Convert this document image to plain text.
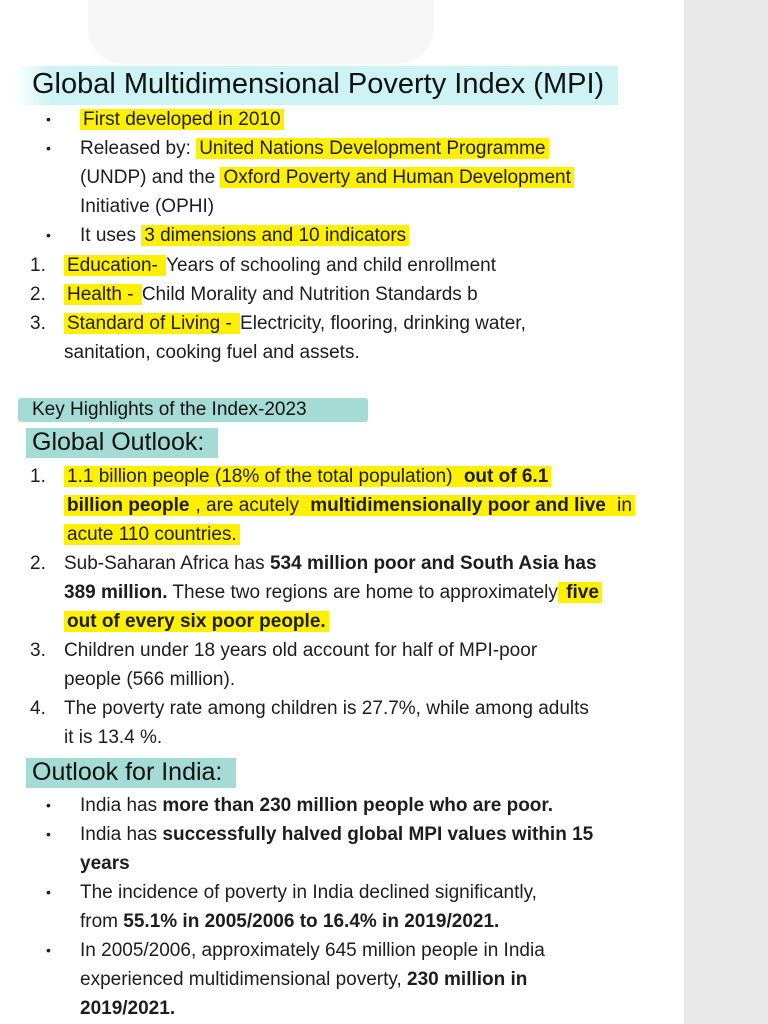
Global Multidimensional Poverty Index (MPI)
• First developed in 2010
• Released by: United Nations Development Programme
(UNDP) and the Oxford Poverty and Human Development
Initiative (OPHI)
• It uses 3 dimensions and 10 indicators
1. Education- Years of schooling and child enrollment
2. Health - Child Morality and Nutrition Standards b
3. Standard of Living - Electricity, flooring, drinking water,
sanitation, cooking fuel and assets.
Key Highlights of the Index-2023
Global Outlook:
1. 1.1 billion people (18% of the total population) out of 6.1
billion people , are acutely multidimensionally poor and live in
acute 110 countries.
2. Sub-Saharan Africa has 534 million poor and South Asia has
389 million. These two regions are home to approximately five
out of every six poor people.
3. Children under 18 years old account for half of MPI-poor
people (566 million).
4. The poverty rate among children is 27.7%, while among adults
it is 13.4 %.
Outlook for India:
• India has more than 230 million people who are poor.
• India has successfully halved global MPI values within 15
years
• The incidence of poverty in India declined significantly,
from 55.1% in 2005/2006 to 16.4% in 2019/2021.
• In 2005/2006, approximately 645 million people in India
experienced multidimensional poverty, 230 million in
2019/2021.
